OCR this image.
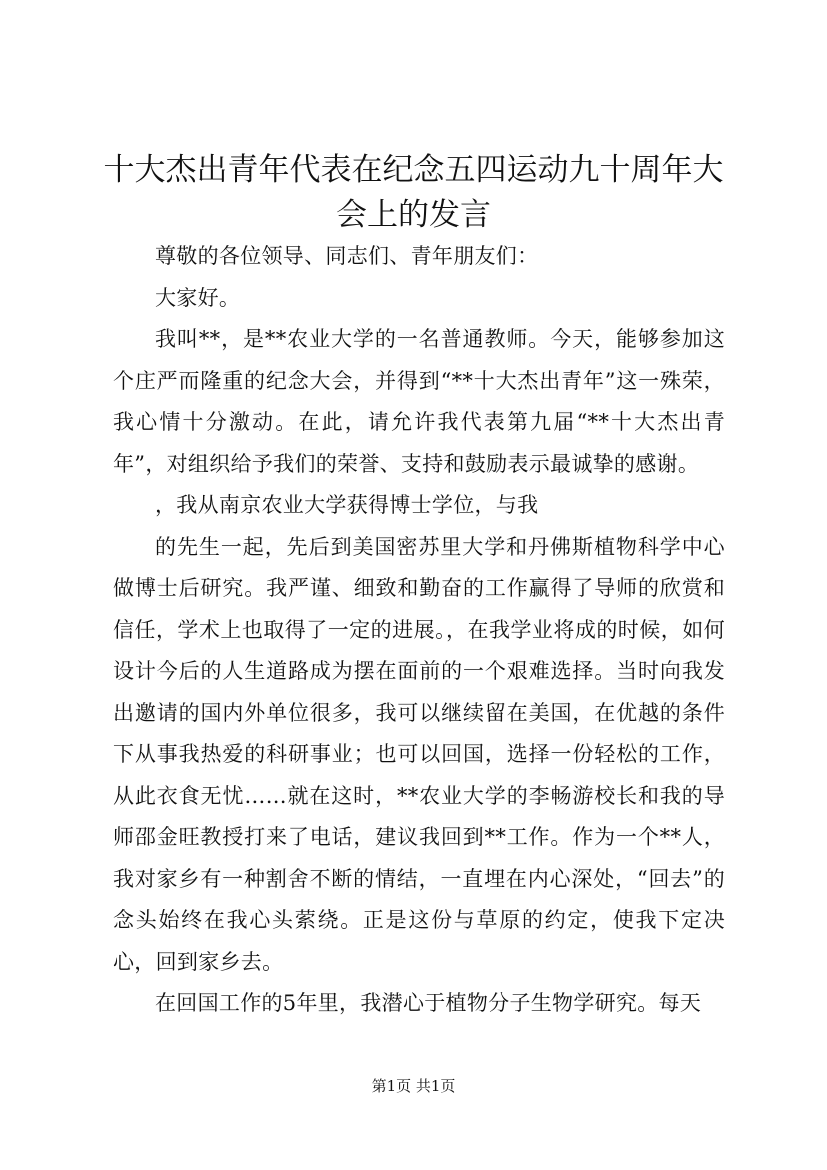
十大杰出青年代表在纪念五四运动九十周年大会上的发言

尊敬的各位领导、同志们、青年朋友们：

大家好。

我叫**，是**农业大学的一名普通教师。今天，能够参加这个庄严而隆重的纪念大会，并得到“**十大杰出青年”这一殊荣，我心情十分激动。在此，请允许我代表第九届“**十大杰出青年”，对组织给予我们的荣誉、支持和鼓励表示最诚挚的感谢。

，我从南京农业大学获得博士学位，与我

的先生一起，先后到美国密苏里大学和丹佛斯植物科学中心做博士后研究。我严谨、细致和勤奋的工作赢得了导师的欣赏和信任，学术上也取得了一定的进展。，在我学业将成的时候，如何设计今后的人生道路成为摆在面前的一个艰难选择。当时向我发出邀请的国内外单位很多，我可以继续留在美国，在优越的条件下从事我热爱的科研事业；也可以回国，选择一份轻松的工作，从此衣食无忧……就在这时，**农业大学的李畅游校长和我的导师邵金旺教授打来了电话，建议我回到**工作。作为一个**人，我对家乡有一种割舍不断的情结，一直埋在内心深处，“回去”的念头始终在我心头萦绕。正是这份与草原的约定，使我下定决心，回到家乡去。

在回国工作的5年里，我潜心于植物分子生物学研究。每天

第1页 共1页
